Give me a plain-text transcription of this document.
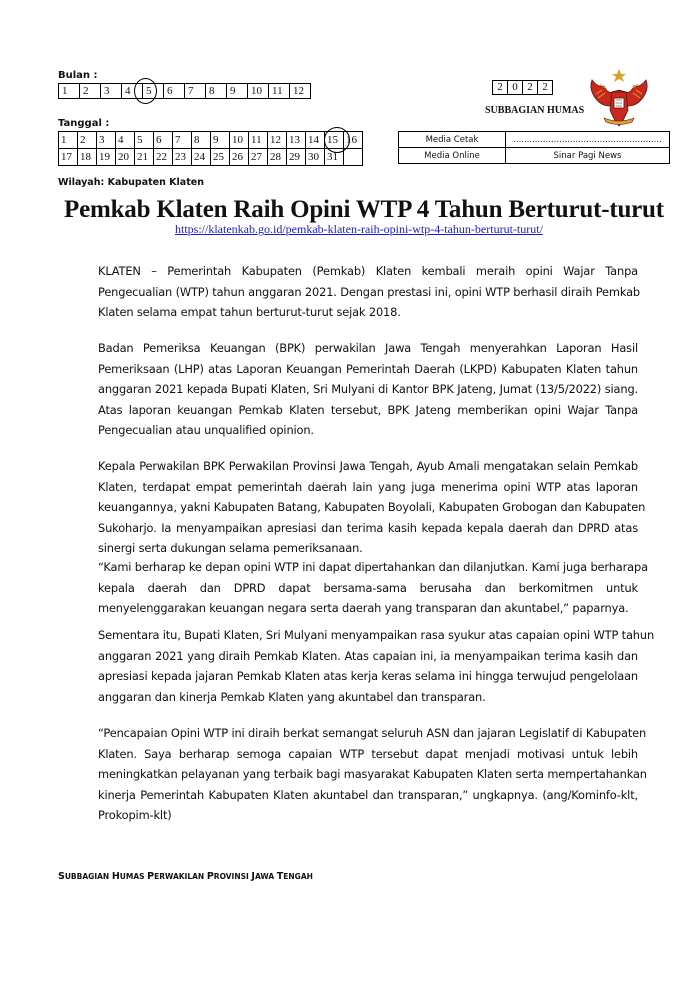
Bulan :
1	2	3	4	5	6	7	8	9	10	11	12
Tanggal :
1	2	3	4	5	6	7	8	9	10	11	12	13	14	15	16
17	18	19	20	21	22	23	24	25	26	27	28	29	30	31	
2	0	2	2
SUBBAGIAN HUMAS
Media Cetak	.......................................................
Media Online	Sinar Pagi News
Wilayah: Kabupaten Klaten
Pemkab Klaten Raih Opini WTP 4 Tahun Berturut-turut
https://klatenkab.go.id/pemkab-klaten-raih-opini-wtp-4-tahun-berturut-turut/
KLATEN – Pemerintah Kabupaten (Pemkab) Klaten kembali meraih opini Wajar Tanpa
Pengecualian (WTP) tahun anggaran 2021. Dengan prestasi ini, opini WTP berhasil diraih Pemkab
Klaten selama empat tahun berturut-turut sejak 2018.
Badan Pemeriksa Keuangan (BPK) perwakilan Jawa Tengah menyerahkan Laporan Hasil
Pemeriksaan (LHP) atas Laporan Keuangan Pemerintah Daerah (LKPD) Kabupaten Klaten tahun
anggaran 2021 kepada Bupati Klaten, Sri Mulyani di Kantor BPK Jateng, Jumat (13/5/2022) siang.
Atas laporan keuangan Pemkab Klaten tersebut, BPK Jateng memberikan opini Wajar Tanpa
Pengecualian atau unqualified opinion.
Kepala Perwakilan BPK Perwakilan Provinsi Jawa Tengah, Ayub Amali mengatakan selain Pemkab
Klaten, terdapat empat pemerintah daerah lain yang juga menerima opini WTP atas laporan
keuangannya, yakni Kabupaten Batang, Kabupaten Boyolali, Kabupaten Grobogan dan Kabupaten
Sukoharjo. Ia menyampaikan apresiasi dan terima kasih kepada kepala daerah dan DPRD atas
sinergi serta dukungan selama pemeriksanaan.
“Kami berharap ke depan opini WTP ini dapat dipertahankan dan dilanjutkan. Kami juga berharapa
kepala daerah dan DPRD dapat bersama-sama berusaha dan berkomitmen untuk
menyelenggarakan keuangan negara serta daerah yang transparan dan akuntabel,” paparnya.
Sementara itu, Bupati Klaten, Sri Mulyani menyampaikan rasa syukur atas capaian opini WTP tahun
anggaran 2021 yang diraih Pemkab Klaten. Atas capaian ini, ia menyampaikan terima kasih dan
apresiasi kepada jajaran Pemkab Klaten atas kerja keras selama ini hingga terwujud pengelolaan
anggaran dan kinerja Pemkab Klaten yang akuntabel dan transparan.
“Pencapaian Opini WTP ini diraih berkat semangat seluruh ASN dan jajaran Legislatif di Kabupaten
Klaten. Saya berharap semoga capaian WTP tersebut dapat menjadi motivasi untuk lebih
meningkatkan pelayanan yang terbaik bagi masyarakat Kabupaten Klaten serta mempertahankan
kinerja Pemerintah Kabupaten Klaten akuntabel dan transparan,” ungkapnya. (ang/Kominfo-klt,
Prokopim-klt)
SUBBAGIAN HUMAS PERWAKILAN PROVINSI JAWA TENGAH
